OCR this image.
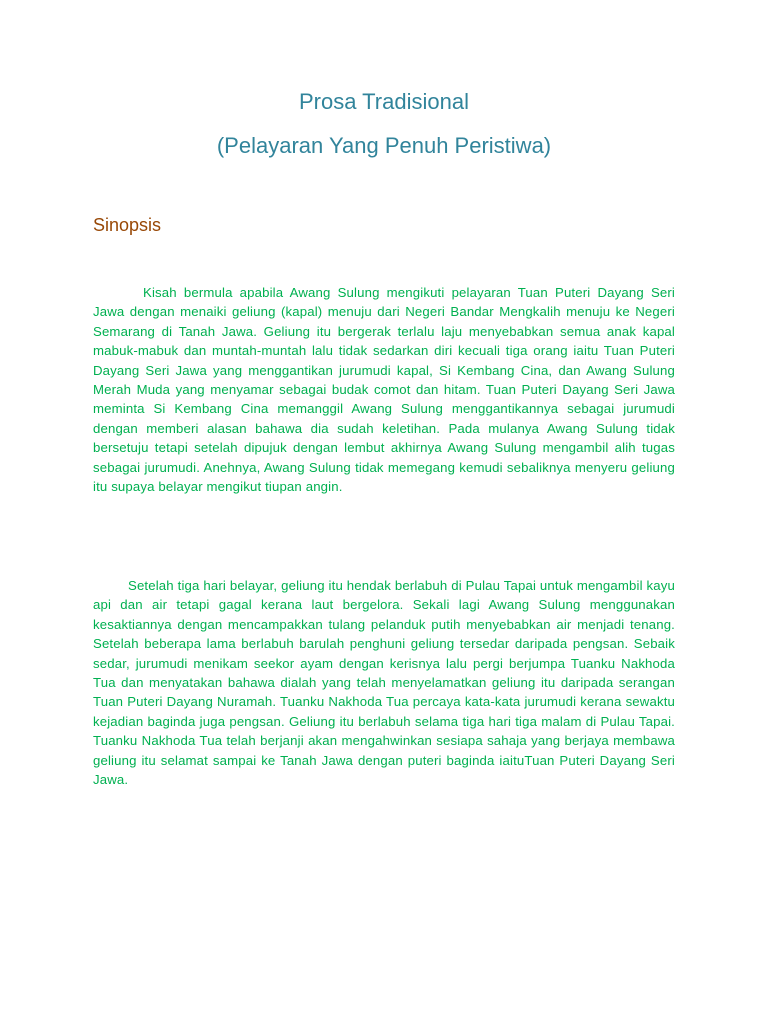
Prosa Tradisional
(Pelayaran Yang Penuh Peristiwa)
Sinopsis

Kisah bermula apabila Awang Sulung mengikuti pelayaran Tuan Puteri Dayang Seri Jawa dengan menaiki geliung (kapal) menuju dari Negeri Bandar Mengkalih menuju ke Negeri Semarang di Tanah Jawa. Geliung itu bergerak terlalu laju menyebabkan semua anak kapal mabuk-mabuk dan muntah-muntah lalu tidak sedarkan diri kecuali tiga orang iaitu Tuan Puteri Dayang Seri Jawa yang menggantikan jurumudi kapal, Si Kembang Cina, dan Awang Sulung Merah Muda yang menyamar sebagai budak comot dan hitam. Tuan Puteri Dayang Seri Jawa meminta Si Kembang Cina memanggil Awang Sulung menggantikannya sebagai jurumudi dengan memberi alasan bahawa dia sudah keletihan. Pada mulanya Awang Sulung tidak bersetuju tetapi setelah dipujuk dengan lembut akhirnya Awang Sulung mengambil alih tugas sebagai jurumudi. Anehnya, Awang Sulung tidak memegang kemudi sebaliknya menyeru geliung itu supaya belayar mengikut tiupan angin.

Setelah tiga hari belayar, geliung itu hendak berlabuh di Pulau Tapai untuk mengambil kayu api dan air tetapi gagal kerana laut bergelora. Sekali lagi Awang Sulung menggunakan kesaktiannya dengan mencampakkan tulang pelanduk putih menyebabkan air menjadi tenang. Setelah beberapa lama berlabuh barulah penghuni geliung tersedar daripada pengsan. Sebaik sedar, jurumudi menikam seekor ayam dengan kerisnya lalu pergi berjumpa Tuanku Nakhoda Tua dan menyatakan bahawa dialah yang telah menyelamatkan geliung itu daripada serangan Tuan Puteri Dayang Nuramah. Tuanku Nakhoda Tua percaya kata-kata jurumudi kerana sewaktu kejadian baginda juga pengsan. Geliung itu berlabuh selama tiga hari tiga malam di Pulau Tapai. Tuanku Nakhoda Tua telah berjanji akan mengahwinkan sesiapa sahaja yang berjaya membawa geliung itu selamat sampai ke Tanah Jawa dengan puteri baginda iaituTuan Puteri Dayang Seri Jawa.
